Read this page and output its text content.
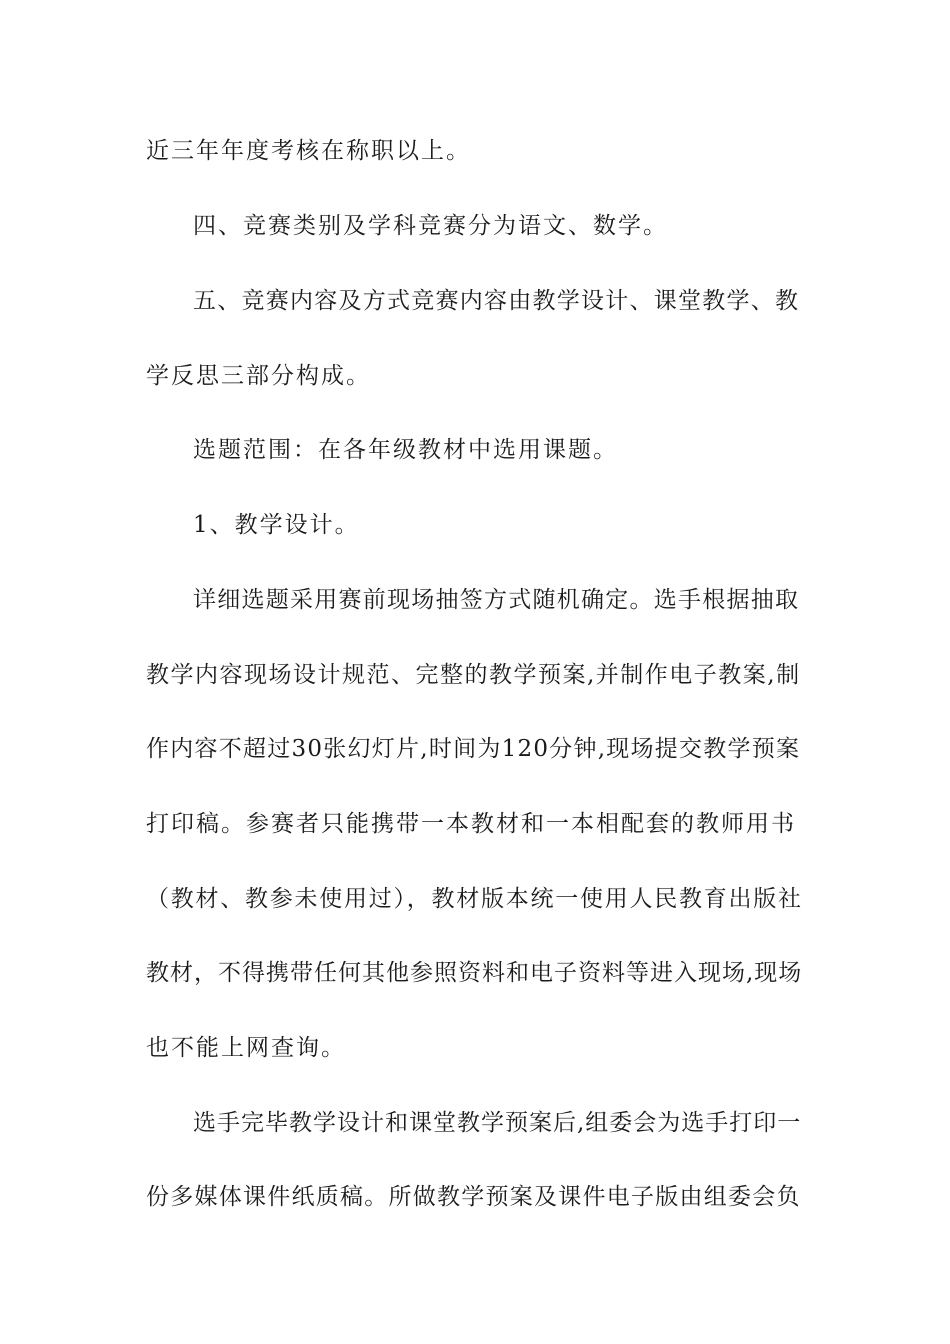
近三年年度考核在称职以上。
四、竞赛类别及学科竞赛分为语文、数学。
五、竞赛内容及方式竞赛内容由教学设计、课堂教学、教
学反思三部分构成。
选题范围：在各年级教材中选用课题。
1、教学设计。
详细选题采用赛前现场抽签方式随机确定。选手根据抽取
教学内容现场设计规范、完整的教学预案,并制作电子教案,制
作内容不超过30张幻灯片,时间为120分钟,现场提交教学预案
打印稿。参赛者只能携带一本教材和一本相配套的教师用书
（教材、教参未使用过），教材版本统一使用人民教育出版社
教材，不得携带任何其他参照资料和电子资料等进入现场,现场
也不能上网查询。
选手完毕教学设计和课堂教学预案后,组委会为选手打印一
份多媒体课件纸质稿。所做教学预案及课件电子版由组委会负
